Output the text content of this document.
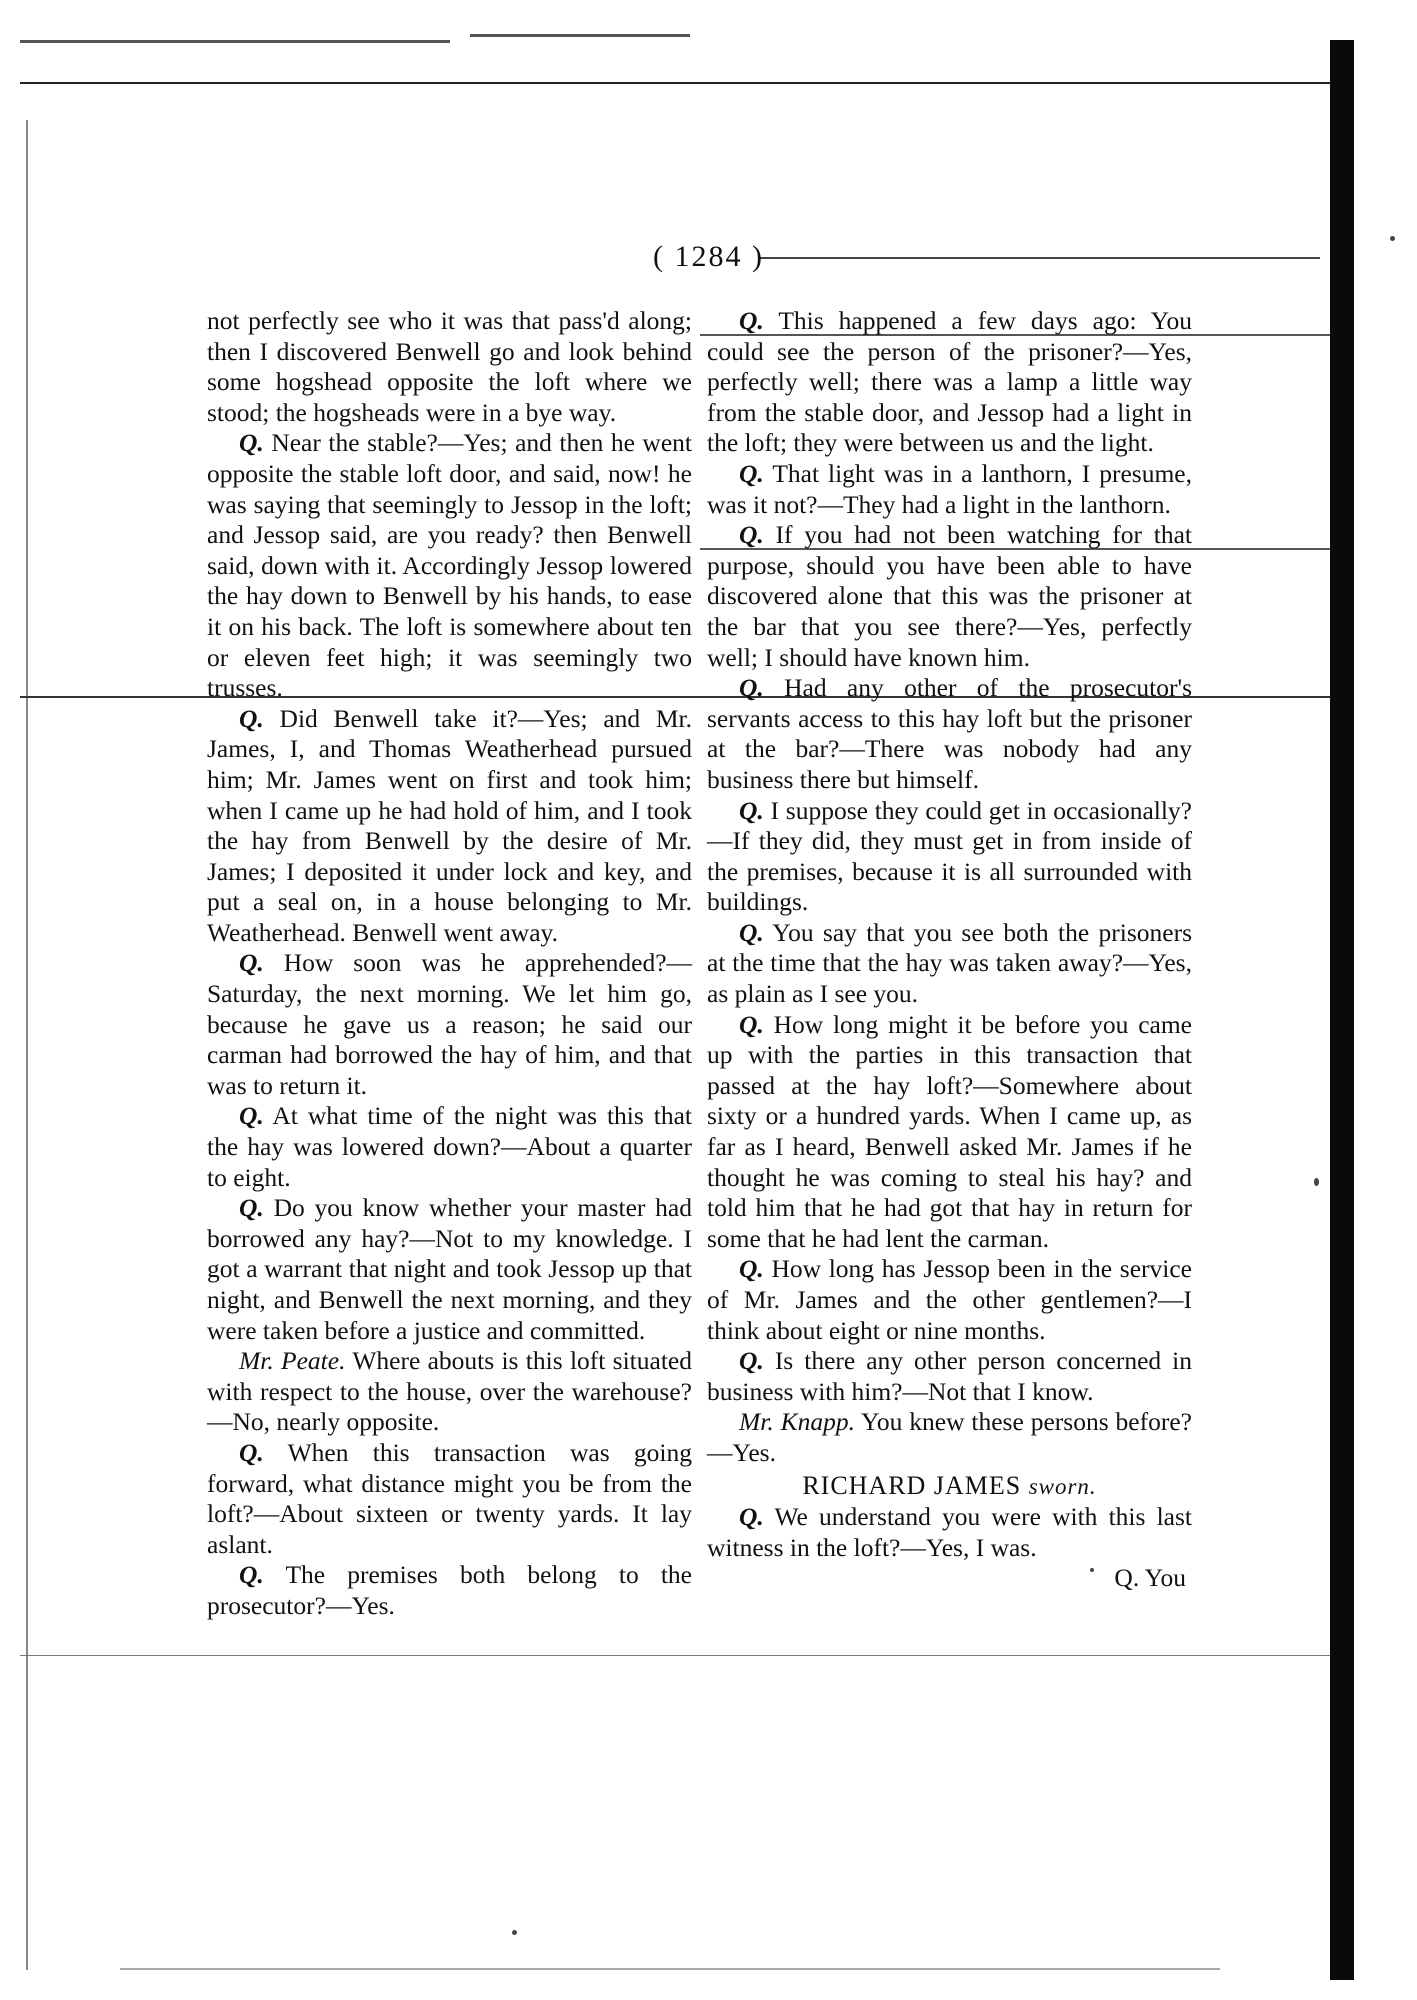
( 1284 )

not perfectly see who it was that pass'd along; then I discovered Benwell go and look behind some hogshead opposite the loft where we stood; the hogsheads were in a bye way.

Q. Near the stable?—Yes; and then he went opposite the stable loft door, and said, now! he was saying that seemingly to Jessop in the loft; and Jessop said, are you ready? then Benwell said, down with it. Accordingly Jessop lowered the hay down to Benwell by his hands, to ease it on his back. The loft is somewhere about ten or eleven feet high; it was seemingly two trusses.

Q. Did Benwell take it?—Yes; and Mr. James, I, and Thomas Weatherhead pursued him; Mr. James went on first and took him; when I came up he had hold of him, and I took the hay from Benwell by the desire of Mr. James; I deposited it under lock and key, and put a seal on, in a house belonging to Mr. Weatherhead. Benwell went away.

Q. How soon was he apprehended?—Saturday, the next morning. We let him go, because he gave us a reason; he said our carman had borrowed the hay of him, and that was to return it.

Q. At what time of the night was this that the hay was lowered down?—About a quarter to eight.

Q. Do you know whether your master had borrowed any hay?—Not to my knowledge. I got a warrant that night and took Jessop up that night, and Benwell the next morning, and they were taken before a justice and committed.

Mr. Peate. Where abouts is this loft situated with respect to the house, over the warehouse?—No, nearly opposite.

Q. When this transaction was going forward, what distance might you be from the loft?—About sixteen or twenty yards. It lay aslant.

Q. The premises both belong to the prosecutor?—Yes.

Q. This happened a few days ago: You could see the person of the prisoner?—Yes, perfectly well; there was a lamp a little way from the stable door, and Jessop had a light in the loft; they were between us and the light.

Q. That light was in a lanthorn, I presume, was it not?—They had a light in the lanthorn.

Q. If you had not been watching for that purpose, should you have been able to have discovered alone that this was the prisoner at the bar that you see there?—Yes, perfectly well; I should have known him.

Q. Had any other of the prosecutor's servants access to this hay loft but the prisoner at the bar?—There was nobody had any business there but himself.

Q. I suppose they could get in occasionally?—If they did, they must get in from inside of the premises, because it is all surrounded with buildings.

Q. You say that you see both the prisoners at the time that the hay was taken away?—Yes, as plain as I see you.

Q. How long might it be before you came up with the parties in this transaction that passed at the hay loft?—Somewhere about sixty or a hundred yards. When I came up, as far as I heard, Benwell asked Mr. James if he thought he was coming to steal his hay? and told him that he had got that hay in return for some that he had lent the carman.

Q. How long has Jessop been in the service of Mr. James and the other gentlemen?—I think about eight or nine months.

Q. Is there any other person concerned in business with him?—Not that I know.

Mr. Knapp. You knew these persons before?—Yes.

RICHARD JAMES sworn.

Q. We understand you were with this last witness in the loft?—Yes, I was.

Q. You
